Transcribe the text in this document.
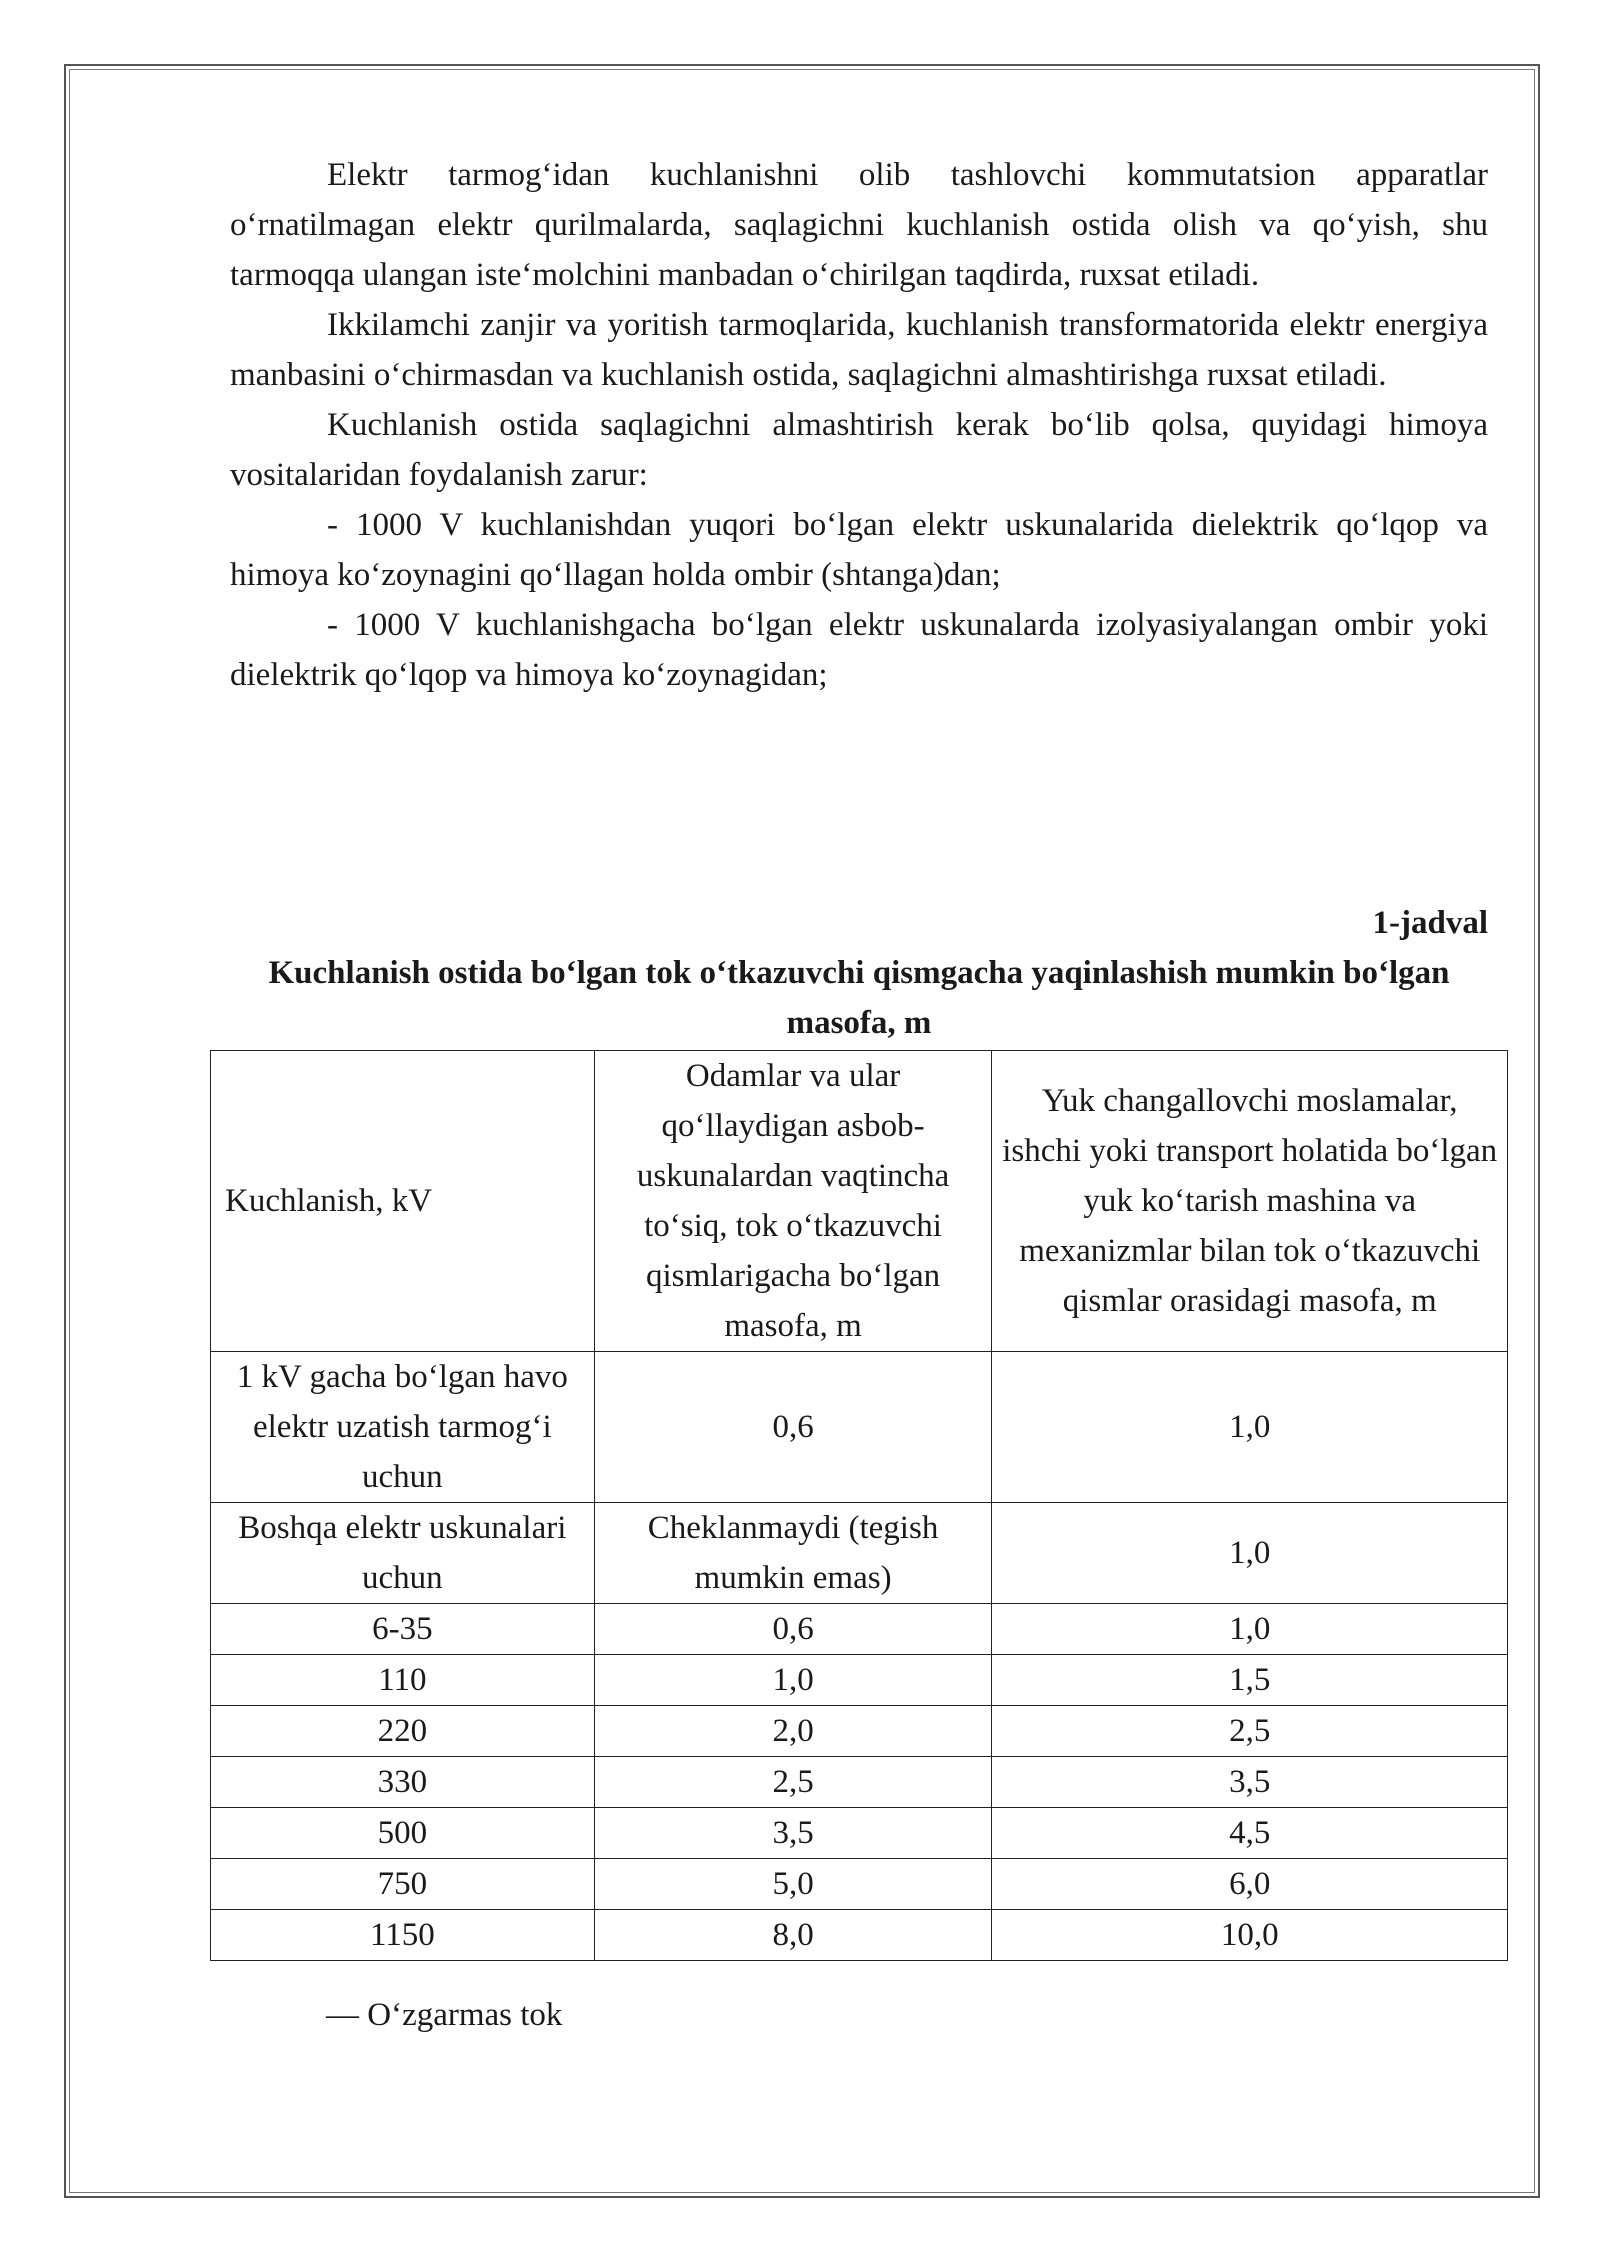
Elektr tarmog‘idan kuchlanishni olib tashlovchi kommutatsion apparatlar o‘rnatilmagan elektr qurilmalarda, saqlagichni kuchlanish ostida olish va qo‘yish, shu tarmoqqa ulangan iste‘molchini manbadan o‘chirilgan taqdirda, ruxsat etiladi.

Ikkilamchi zanjir va yoritish tarmoqlarida, kuchlanish transformatorida elektr energiya manbasini o‘chirmasdan va kuchlanish ostida, saqlagichni almashtirishga ruxsat etiladi.

Kuchlanish ostida saqlagichni almashtirish kerak bo‘lib qolsa, quyidagi himoya vositalaridan foydalanish zarur:

- 1000 V kuchlanishdan yuqori bo‘lgan elektr uskunalarida dielektrik qo‘lqop va himoya ko‘zoynagini qo‘llagan holda ombir (shtanga)dan;

- 1000 V kuchlanishgacha bo‘lgan elektr uskunalarda izolyasiyalangan ombir yoki dielektrik qo‘lqop va himoya ko‘zoynagidan;

1-jadval
Kuchlanish ostida bo‘lgan tok o‘tkazuvchi qismgacha yaqinlashish mumkin bo‘lgan masofa, m
Kuchlanish, kV	Odamlar va ular qo‘llaydigan asbob-uskunalardan vaqtincha to‘siq, tok o‘tkazuvchi qismlarigacha bo‘lgan masofa, m	Yuk changallovchi moslamalar, ishchi yoki transport holatida bo‘lgan yuk ko‘tarish mashina va mexanizmlar bilan tok o‘tkazuvchi qismlar orasidagi masofa, m
1 kV gacha bo‘lgan havo elektr uzatish tarmog‘i uchun	0,6	1,0
Boshqa elektr uskunalari uchun	Cheklanmaydi (tegish mumkin emas)	1,0
6-35	0,6	1,0
110	1,0	1,5
220	2,0	2,5
330	2,5	3,5
500	3,5	4,5
750	5,0	6,0
1150	8,0	10,0
— O‘zgarmas tok
